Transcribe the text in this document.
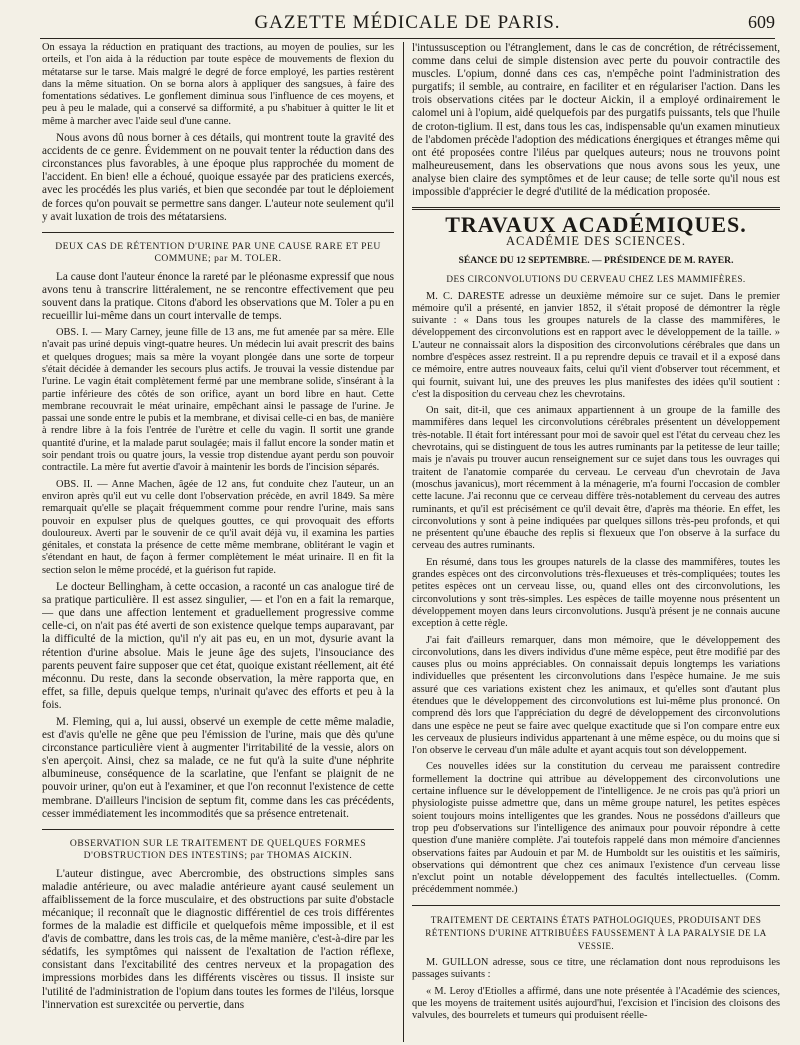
GAZETTE MÉDICALE DE PARIS.	609

On essaya la réduction en pratiquant des tractions, au moyen de poulies, sur les orteils, et l'on aida à la réduction par toute espèce de mouvements de flexion du métatarse sur le tarse. Mais malgré le degré de force employé, les parties restèrent dans la même situation. On se borna alors à appliquer des sangsues, à faire des fomentations sédatives. Le gonflement diminua sous l'influence de ces moyens, et peu à peu le malade, qui a conservé sa difformité, a pu s'habituer à quitter le lit et même à marcher avec l'aide seul d'une canne.

Nous avons dû nous borner à ces détails, qui montrent toute la gravité des accidents de ce genre. Évidemment on ne pouvait tenter la réduction dans des circonstances plus favorables, à une époque plus rapprochée du moment de l'accident. En bien! elle a échoué, quoique essayée par des praticiens exercés, avec les procédés les plus variés, et bien que secondée par tout le déploiement de forces qu'on pouvait se permettre sans danger. L'auteur note seulement qu'il y avait luxation de trois des métatarsiens.

DEUX CAS DE RÉTENTION D'URINE PAR UNE CAUSE RARE ET PEU COMMUNE; par M. TOLER.

La cause dont l'auteur énonce la rareté par le pléonasme expressif que nous avons tenu à transcrire littéralement, ne se rencontre effectivement que peu souvent dans la pratique. Citons d'abord les observations que M. Toler a pu en recueillir lui-même dans un court intervalle de temps.

OBS. I. — Mary Carney, jeune fille de 13 ans, me fut amenée par sa mère. Elle n'avait pas uriné depuis vingt-quatre heures. Un médecin lui avait prescrit des bains et quelques drogues; mais sa mère la voyant plongée dans une sorte de torpeur s'était décidée à demander les secours plus actifs. Je trouvai la vessie distendue par l'urine. Le vagin était complètement fermé par une membrane solide, s'insérant à la partie inférieure des côtés de son orifice, ayant un bord libre en haut. Cette membrane recouvrait le méat urinaire, empêchant ainsi le passage de l'urine. Je passai une sonde entre le pubis et la membrane, et divisai celle-ci en bas, de manière à rendre libre à la fois l'entrée de l'urètre et celle du vagin. Il sortit une grande quantité d'urine, et la malade parut soulagée; mais il fallut encore la sonder matin et soir pendant trois ou quatre jours, la vessie trop distendue ayant perdu son pouvoir contractile. La mère fut avertie d'avoir à maintenir les bords de l'incision séparés.

OBS. II. — Anne Machen, âgée de 12 ans, fut conduite chez l'auteur, un an environ après qu'il eut vu celle dont l'observation précède, en avril 1849. Sa mère remarquait qu'elle se plaçait fréquemment comme pour rendre l'urine, mais sans pouvoir en expulser plus de quelques gouttes, ce qui provoquait des efforts douloureux. Averti par le souvenir de ce qu'il avait déjà vu, il examina les parties génitales, et constata la présence de cette même membrane, oblitérant le vagin et s'étendant en haut, de façon à fermer complètement le méat urinaire. Il en fit la section selon le même procédé, et la guérison fut rapide.

Le docteur Bellingham, à cette occasion, a raconté un cas analogue tiré de sa pratique particulière. Il est assez singulier, — et l'on en a fait la remarque, — que dans une affection lentement et graduellement progressive comme celle-ci, on n'ait pas été averti de son existence quelque temps auparavant, par la difficulté de la miction, qu'il n'y ait pas eu, en un mot, dysurie avant la rétention d'urine absolue. Mais le jeune âge des sujets, l'insouciance des parents peuvent faire supposer que cet état, quoique existant réellement, ait été méconnu. Du reste, dans la seconde observation, la mère rapporta que, en effet, sa fille, depuis quelque temps, n'urinait qu'avec des efforts et peu à la fois.

M. Fleming, qui a, lui aussi, observé un exemple de cette même maladie, est d'avis qu'elle ne gêne que peu l'émission de l'urine, mais que dès qu'une circonstance particulière vient à augmenter l'irritabilité de la vessie, alors on s'en aperçoit. Ainsi, chez sa malade, ce ne fut qu'à la suite d'une néphrite albumineuse, conséquence de la scarlatine, que l'enfant se plaignit de ne pouvoir uriner, qu'on eut à l'examiner, et que l'on reconnut l'existence de cette membrane. D'ailleurs l'incision de septum fit, comme dans les cas précédents, cesser immédiatement les incommodités que sa présence entretenait.

OBSERVATION SUR LE TRAITEMENT DE QUELQUES FORMES D'OBSTRUCTION DES INTESTINS; par THOMAS AICKIN.

L'auteur distingue, avec Abercrombie, des obstructions simples sans maladie antérieure, ou avec maladie antérieure ayant causé seulement un affaiblissement de la force musculaire, et des obstructions par suite d'obstacle mécanique; il reconnaît que le diagnostic différentiel de ces trois différentes formes de la maladie est difficile et quelquefois même impossible, et il est d'avis de combattre, dans les trois cas, de la même manière, c'est-à-dire par les sédatifs, les symptômes qui naissent de l'exaltation de l'action réflexe, consistant dans l'excitabilité des centres nerveux et la propagation des impressions morbides dans les différents viscères ou tissus. Il insiste sur l'utilité de l'administration de l'opium dans toutes les formes de l'iléus, lorsque l'innervation est surexcitée ou pervertie, dans

l'intussusception ou l'étranglement, dans le cas de concrétion, de rétrécissement, comme dans celui de simple distension avec perte du pouvoir contractile des muscles. L'opium, donné dans ces cas, n'empêche point l'administration des purgatifs; il semble, au contraire, en faciliter et en régulariser l'action. Dans les trois observations citées par le docteur Aickin, il a employé ordinairement le calomel uni à l'opium, aidé quelquefois par des purgatifs puissants, tels que l'huile de croton-tiglium. Il est, dans tous les cas, indispensable qu'un examen minutieux de l'abdomen précède l'adoption des médications énergiques et étranges même qui ont été proposées contre l'iléus par quelques auteurs; nous ne trouvons point malheureusement, dans les observations que nous avons sous les yeux, une analyse bien claire des symptômes et de leur cause; de telle sorte qu'il nous est impossible d'apprécier le degré d'utilité de la médication proposée.

TRAVAUX ACADÉMIQUES.
ACADÉMIE DES SCIENCES.
SÉANCE DU 12 SEPTEMBRE. — PRÉSIDENCE DE M. RAYER.
DES CIRCONVOLUTIONS DU CERVEAU CHEZ LES MAMMIFÈRES.

M. C. DARESTE adresse un deuxième mémoire sur ce sujet. Dans le premier mémoire qu'il a présenté, en janvier 1852, il s'était proposé de démontrer la règle suivante : « Dans tous les groupes naturels de la classe des mammifères, le développement des circonvolutions est en rapport avec le développement de la taille. » L'auteur ne connaissait alors la disposition des circonvolutions cérébrales que dans un nombre d'espèces assez restreint. Il a pu reprendre depuis ce travail et il a exposé dans ce mémoire, entre autres nouveaux faits, celui qu'il vient d'observer tout récemment, et qui fournit, suivant lui, une des preuves les plus manifestes des idées qu'il soutient : c'est la disposition du cerveau chez les chevrotains.

On sait, dit-il, que ces animaux appartiennent à un groupe de la famille des mammifères dans lequel les circonvolutions cérébrales présentent un développement très-notable. Il était fort intéressant pour moi de savoir quel est l'état du cerveau chez les chevrotains, qui se distinguent de tous les autres ruminants par la petitesse de leur taille; mais je n'avais pu trouver aucun renseignement sur ce sujet dans tous les ouvrages qui traitent de l'anatomie comparée du cerveau. Le cerveau d'un chevrotain de Java (moschus javanicus), mort récemment à la ménagerie, m'a fourni l'occasion de combler cette lacune. J'ai reconnu que ce cerveau diffère très-notablement du cerveau des autres ruminants, et qu'il est précisément ce qu'il devait être, d'après ma théorie. En effet, les circonvolutions y sont à peine indiquées par quelques sillons très-peu profonds, et qui ne présentent qu'une ébauche des replis si flexueux que l'on observe à la surface du cerveau des autres ruminants.

En résumé, dans tous les groupes naturels de la classe des mammifères, toutes les grandes espèces ont des circonvolutions très-flexueuses et très-compliquées; toutes les petites espèces ont un cerveau lisse, ou, quand elles ont des circonvolutions, les circonvolutions y sont très-simples. Les espèces de taille moyenne nous présentent un développement moyen dans leurs circonvolutions. Jusqu'à présent je ne connais aucune exception à cette règle.

J'ai fait d'ailleurs remarquer, dans mon mémoire, que le développement des circonvolutions, dans les divers individus d'une même espèce, peut être modifié par des causes plus ou moins appréciables. On connaissait depuis longtemps les variations individuelles que présentent les circonvolutions dans l'espèce humaine. Je me suis assuré que ces variations existent chez les animaux, et qu'elles sont d'autant plus étendues que le développement des circonvolutions est lui-même plus prononcé. On comprend dès lors que l'appréciation du degré de développement des circonvolutions dans une espèce ne peut se faire avec quelque exactitude que si l'on compare entre eux les cerveaux de plusieurs individus appartenant à une même espèce, ou du moins que si l'on observe le cerveau d'un mâle adulte et ayant acquis tout son développement.

Ces nouvelles idées sur la constitution du cerveau me paraissent contredire formellement la doctrine qui attribue au développement des circonvolutions une certaine influence sur le développement de l'intelligence. Je ne crois pas qu'à priori un physiologiste puisse admettre que, dans un même groupe naturel, les petites espèces soient toujours moins intelligentes que les grandes. Nous ne possédons d'ailleurs que trop peu d'observations sur l'intelligence des animaux pour pouvoir répondre à cette question d'une manière complète. J'ai toutefois rappelé dans mon mémoire d'anciennes observations faites par Audouin et par M. de Humboldt sur les ouistitis et les saïmiris, observations qui démontrent que chez ces animaux l'existence d'un cerveau lisse n'exclut point un notable développement des facultés intellectuelles. (Comm. précédemment nommée.)

TRAITEMENT DE CERTAINS ÉTATS PATHOLOGIQUES, PRODUISANT DES RÉTENTIONS D'URINE ATTRIBUÉES FAUSSEMENT À LA PARALYSIE DE LA VESSIE.

M. GUILLON adresse, sous ce titre, une réclamation dont nous reproduisons les passages suivants :

« M. Leroy d'Etiolles a affirmé, dans une note présentée à l'Académie des sciences, que les moyens de traitement usités aujourd'hui, l'excision et l'incision des cloisons des valvules, des bourrelets et tumeurs qui produisent réelle-
